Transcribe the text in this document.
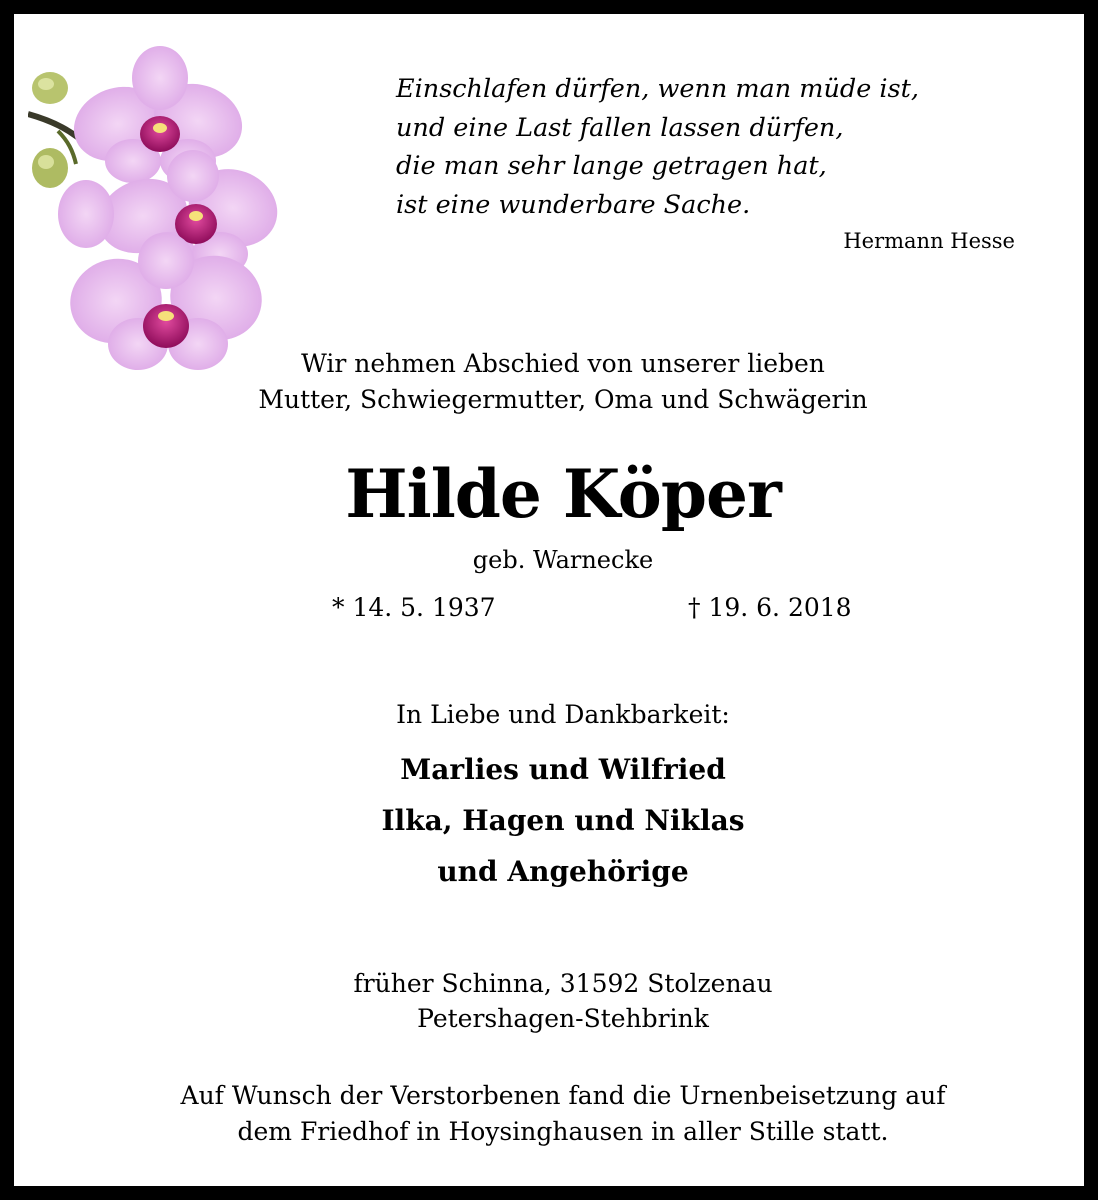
Einschlafen dürfen, wenn man müde ist,
und eine Last fallen lassen dürfen,
die man sehr lange getragen hat,
ist eine wunderbare Sache.
Hermann Hesse
Wir nehmen Abschied von unserer lieben
Mutter, Schwiegermutter, Oma und Schwägerin
Hilde Köper
geb. Warnecke
* 14. 5. 1937	† 19. 6. 2018
In Liebe und Dankbarkeit:
Marlies und Wilfried
Ilka, Hagen und Niklas
und Angehörige
früher Schinna, 31592 Stolzenau
Petershagen-Stehbrink
Auf Wunsch der Verstorbenen fand die Urnenbeisetzung auf
dem Friedhof in Hoysinghausen in aller Stille statt.
